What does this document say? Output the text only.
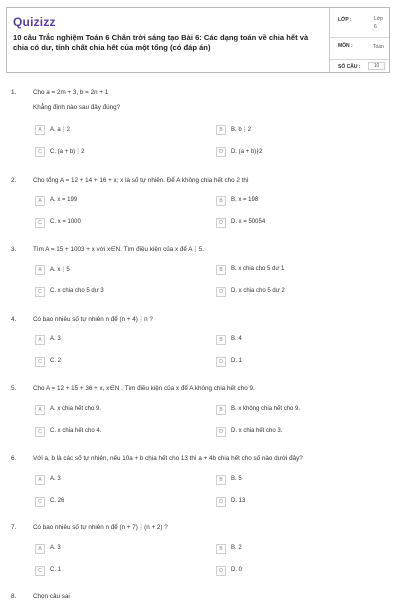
Quizizz
10 câu Trắc nghiệm Toán 6 Chân trời sáng tạo Bài 6: Các dạng toán về chia hết và chia có dư, tính chất chia hết của một tổng (có đáp án)
LỚP :	Lớp 6
MÔN :	Toán
SỐ CÂU :	10
1.	Cho a = 2m + 3, b = 2n + 1
Khẳng định nào sau đây đúng?
A	A. a⋮2	B	B. b⋮2
C	C. (a + b)⋮2	D	D. (a + b)∤2
2.	Cho tổng A = 12 + 14 + 16 + x; x là số tự nhiên. Để A không chia hết cho 2 thì
A	A. x = 199	B	B. x = 198
C	C. x = 1000	D	D. x = 50054
3.	Tìm A = 15 + 1003 + x với x∈N. Tìm điều kiện của x để A⋮5.
A	A. x⋮5	B	B. x chia cho 5 dư 1
C	C. x chia cho 5 dư 3	D	D. x chia cho 5 dư 2
4.	Có bao nhiêu số tự nhiên n để (n + 4)⋮n ?
A	A. 3	B	B. 4
C	C. 2	D	D. 1
5.	Cho A = 12 + 15 + 36 + x, x∈N . Tìm điều kiện của x để A không chia hết cho 9.
A	A. x chia hết cho 9.	B	B. x không chia hết cho 9.
C	C. x chia hết cho 4.	D	D. x chia hết cho 3.
6.	Với a, b là các số tự nhiên, nếu 10a + b chia hết cho 13 thì a + 4b chia hết cho số nào dưới đây?
A	A. 3	B	B. 5
C	C. 26	D	D. 13
7.	Có bao nhiêu số tự nhiên n để (n + 7)⋮(n + 2) ?
A	A. 3	B	B. 2
C	C. 1	D	D. 0
8.	Chọn câu sai
